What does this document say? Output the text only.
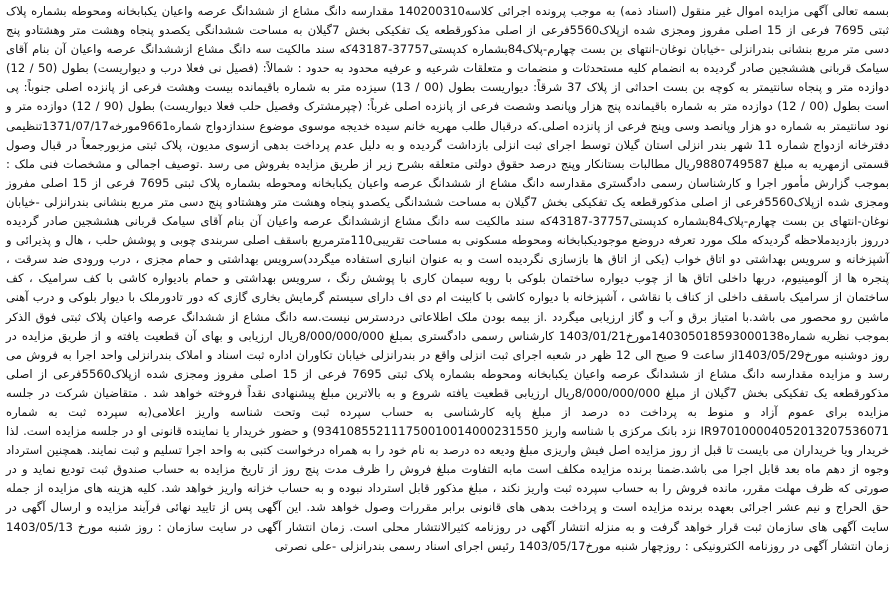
بسمه تعالی آگهی مزایده اموال غیر منقول (اسناد ذمه) به موجب پرونده اجرائی کلاسه140200310 مقدارسه دانگ مشاع از ششدانگ عرصه واعیان یکبابخانه ومحوطه بشماره پلاک ثبتی 7695 فرعی از 15 اصلی مفروز ومجزی شده ازپلاک5560فرعی از اصلی مذکورقطعه یک تفکیکی بخش 7گیلان به مساحت ششدانگی یکصدو پنجاه وهشت متر وهشتادو پنج دسی متر مربع بنشانی بندرانزلی -خیابان نوغان-انتهای بن بست چهارم-پلاک84بشماره کدپستی37757-43187که سند مالکیت سه دانگ مشاع ازششدانگ عرصه واعیان آن بنام آقای سیامک قربانی هششجین صادر گردیده به انضمام کلیه مستحدثات و منضمات و متعلقات شرعیه و عرفیه محدود به حدود : شمالاً: (فصیل نی فعلا درب و دیواریست) بطول (50 / 12) دوازده متر و پنجاه سانتیمتر به کوچه بن بست احداثی از پلاک 37 شرقاً: دیواریست بطول (00 / 13) سیزده متر به شماره باقیمانده بیست وهشت فرعی از پانزده اصلی جنوباً: پی است بطول (00 / 12) دوازده متر به شماره باقیمانده پنج هزار وپانصد وشصت فرعی از پانزده اصلی غرباً: (چپرمشترک وفصیل حلب فعلا دیواریست) بطول (90 / 12) دوازده متر و نود سانتیمتر به شماره دو هزار وپانصد وسی وپنج فرعی از پانزده اصلی.که درقبال طلب مهریه خانم سیده خدیجه موسوی موضوع سندازدواج شماره9661مورخه1371/07/17تنظیمی دفترخانه ازدواج شماره 11 شهر بندر انزلی استان گیلان توسط اجرای ثبت انزلی بازداشت گردیده و به دلیل عدم پرداخت بدهی ازسوی مدیون، پلاک ثبتی مزبورجمعاً در قبال وصول قسمتی ازمهریه به مبلغ 9880749587ریال مطالبات بستانکار وپنج درصد حقوق دولتی متعلقه بشرح زیر از طریق مزایده بفروش می رسد .توصیف اجمالی و مشخصات فنی ملک : بموجب گزارش مأمور اجرا و کارشناسان رسمی دادگستری مقدارسه دانگ مشاع از ششدانگ عرصه واعیان یکبابخانه ومحوطه بشماره پلاک ثبتی 7695 فرعی از 15 اصلی مفروز ومجزی شده ازپلاک5560فرعی از اصلی مذکورقطعه یک تفکیکی بخش 7گیلان به مساحت ششدانگی یکصدو پنجاه وهشت متر وهشتادو پنج دسی متر مربع بنشانی بندرانزلی -خیابان نوغان-انتهای بن بست چهارم-پلاک84بشماره کدپستی37757-43187که سند مالکیت سه دانگ مشاع ازششدانگ عرصه واعیان آن بنام آقای سیامک قربانی هششجین صادر گردیده درروز بازدیدملاحظه گردیدکه ملک مورد تعرفه دروضع موجودیکبابخانه ومحوطه مسکونی به مساحت تقریبی110مترمربع باسقف اصلی سربندی چوبی و پوشش حلب ، هال و پذیرائی و آشپزخانه و سرویس بهداشتی دو اتاق خواب (یکی از اتاق ها بازسازی نگردیده است و به عنوان انباری استفاده میگردد)سرویس بهداشتی و حمام مجزی ، درب ورودی ضد سرقت ، پنجره ها از آلومینیوم، دربها داخلی اتاق ها از چوب دیواره ساختمان بلوکی با رویه سیمان کاری با پوشش رنگ ، سرویس بهداشتی و حمام بادیواره کاشی با کف سرامیک ، کف ساختمان از سرامیک باسقف داخلی از کناف با نقاشی ، آشپزخانه با دیواره کاشی با کابینت ام دی اف دارای سیستم گرمایش بخاری گازی که دور تادورملک با دیوار بلوکی و درب آهنی ماشین رو محصور می باشد.با امتیاز برق و آب و گاز ارزیابی میگردد .از بیمه بودن ملک اطلاعاتی دردسترس نیست.سه دانگ مشاع از ششدانگ عرصه واعیان پلاک ثبتی فوق الذکر بموجب نظریه شماره140305018593000138مورخ1403/01/21 کارشناس رسمی دادگستری بمبلغ 8/000/000/000ریال ارزیابی و بهای آن قطعیت یافته و از طریق مزایده در روز دوشنبه مورخ1403/05/29از ساعت 9 صبح الی 12 ظهر در شعبه اجرای ثبت انزلی واقع در بندرانزلی خیابان تکاوران اداره ثبت اسناد و املاک بندرانزلی واحد اجرا به فروش می رسد و مزایده مقدارسه دانگ مشاع از ششدانگ عرصه واعیان یکبابخانه ومحوطه بشماره پلاک ثبتی 7695 فرعی از 15 اصلی مفروز ومجزی شده ازپلاک5560فرعی از اصلی مذکورقطعه یک تفکیکی بخش 7گیلان از مبلغ 8/000/000/000ریال ارزیابی قطعیت یافته شروع و به بالاترین مبلغ پیشنهادی نقداً فروخته خواهد شد . متقاضیان شرکت در جلسه مزایده برای عموم آزاد و منوط به پرداخت ده درصد از مبلغ پایه کارشناسی به حساب سپرده ثبت وتحت شناسه واریز اعلامی(به سپرده ثبت به شماره IR970100004052013207536071 نزد بانک مرکزی با شناسه واریز 934108552111750010014000231550) و حضور خریدار یا نماینده قانونی او در جلسه مزایده است. لذا خریدار ویا خریداران می بایست تا قبل از روز مزایده اصل فیش واریزی مبلغ ودیعه ده درصد به نام خود را به همراه درخواست کتبی به واحد اجرا تسلیم و ثبت نمایند. همچنین استرداد وجوه از دهم ماه بعد قابل اجرا می باشد.ضمنا برنده مزایده مکلف است مابه التفاوت مبلغ فروش را ظرف مدت پنج روز از تاریخ مزایده به حساب صندوق ثبت تودیع نماید و در صورتی که ظرف مهلت مقرر، مانده فروش را به حساب سپرده ثبت واریز نکند ، مبلغ مذکور قابل استرداد نبوده و به حساب خزانه واریز خواهد شد. کلیه هزینه های مزایده از جمله حق الحراج و نیم عشر اجرائی بعهده برنده مزایده است و پرداخت بدهی های قانونی برابر مقررات وصول خواهد شد. این آگهی پس از تایید نهائی فرآیند مزایده و ارسال آگهی در سایت آگهی های سازمان ثبت قرار خواهد گرفت و به منزله انتشار آگهی در روزنامه کثیرالانتشار محلی است. زمان انتشار آگهی در سایت سازمان : روز شنبه مورخ 1403/05/13 زمان انتشار آگهی در روزنامه الکترونیکی : روزچهار شنبه مورخ1403/05/17 رئیس اجرای اسناد رسمی بندرانزلی -علی نصرتی
